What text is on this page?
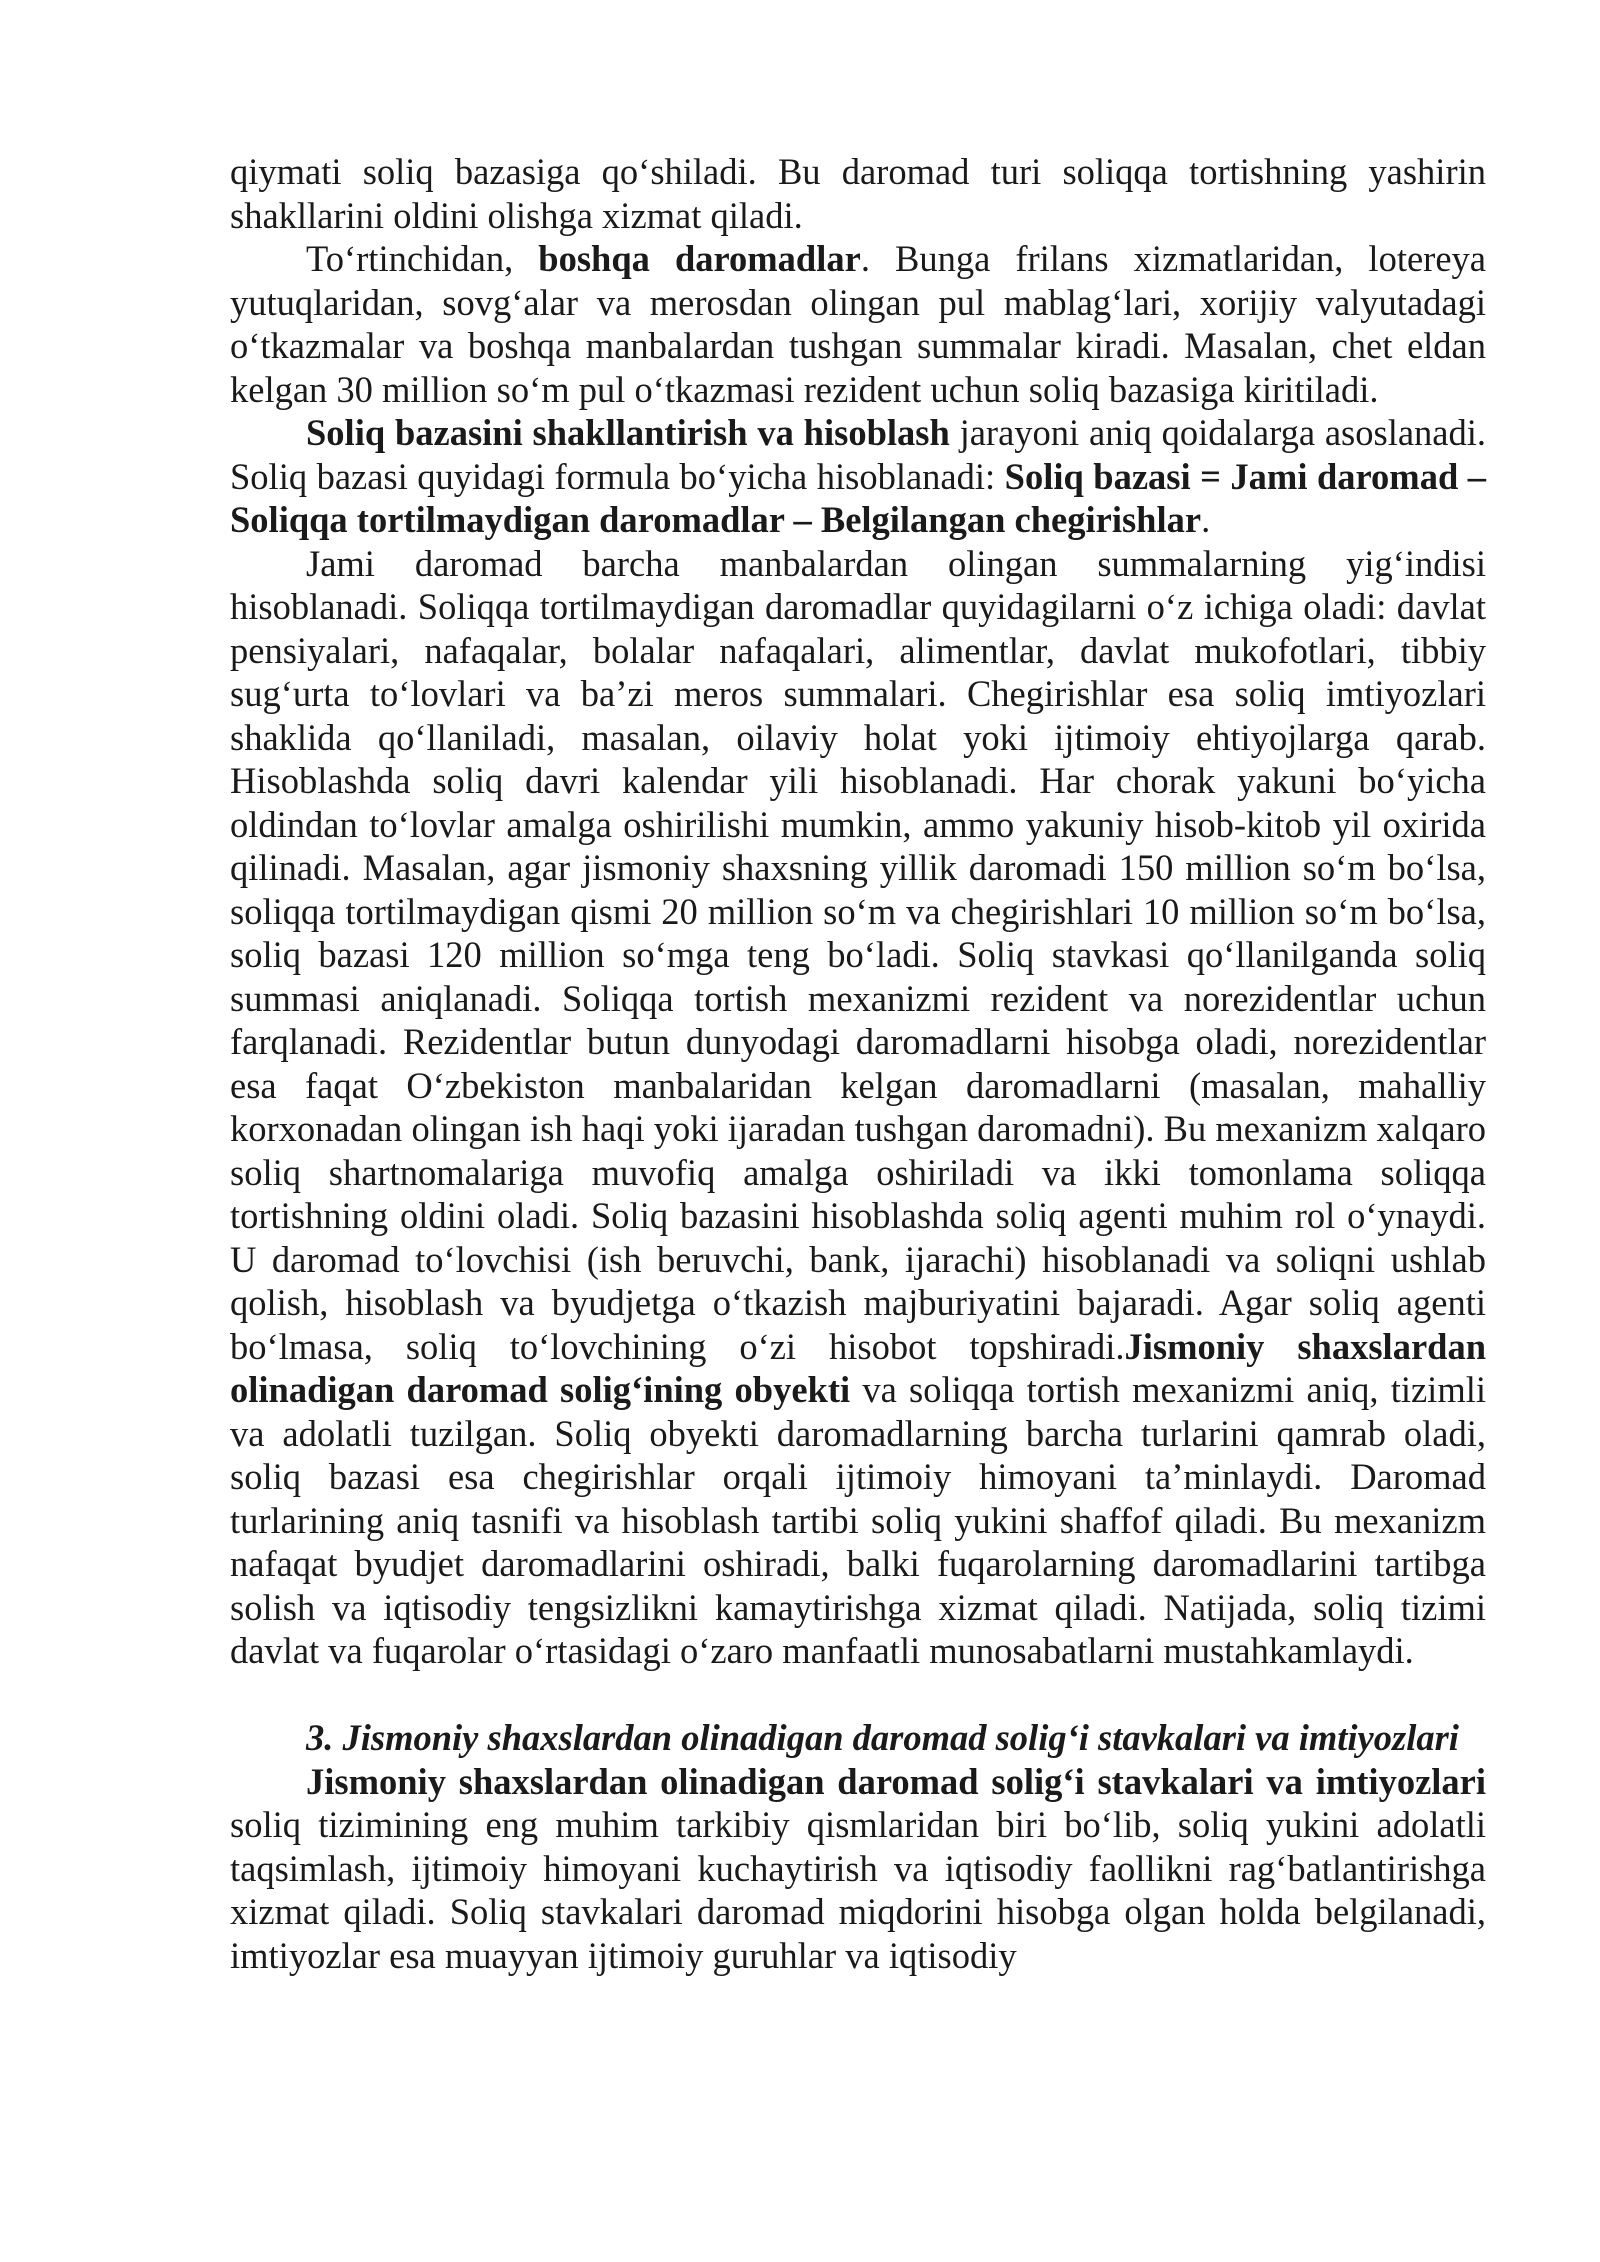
qiymati soliq bazasiga qo‘shiladi. Bu daromad turi soliqqa tortishning yashirin shakllarini oldini olishga xizmat qiladi.

To‘rtinchidan, boshqa daromadlar. Bunga frilans xizmatlaridan, lotereya yutuqlaridan, sovg‘alar va merosdan olingan pul mablag‘lari, xorijiy valyutadagi o‘tkazmalar va boshqa manbalardan tushgan summalar kiradi. Masalan, chet eldan kelgan 30 million so‘m pul o‘tkazmasi rezident uchun soliq bazasiga kiritiladi.

Soliq bazasini shakllantirish va hisoblash jarayoni aniq qoidalarga asoslanadi. Soliq bazasi quyidagi formula bo‘yicha hisoblanadi: Soliq bazasi = Jami daromad – Soliqqa tortilmaydigan daromadlar – Belgilangan chegirishlar.

Jami daromad barcha manbalardan olingan summalarning yig‘indisi hisoblanadi. Soliqqa tortilmaydigan daromadlar quyidagilarni o‘z ichiga oladi: davlat pensiyalari, nafaqalar, bolalar nafaqalari, alimentlar, davlat mukofotlari, tibbiy sug‘urta to‘lovlari va ba’zi meros summalari. Chegirishlar esa soliq imtiyozlari shaklida qo‘llaniladi, masalan, oilaviy holat yoki ijtimoiy ehtiyojlarga qarab. Hisoblashda soliq davri kalendar yili hisoblanadi. Har chorak yakuni bo‘yicha oldindan to‘lovlar amalga oshirilishi mumkin, ammo yakuniy hisob-kitob yil oxirida qilinadi. Masalan, agar jismoniy shaxsning yillik daromadi 150 million so‘m bo‘lsa, soliqqa tortilmaydigan qismi 20 million so‘m va chegirishlari 10 million so‘m bo‘lsa, soliq bazasi 120 million so‘mga teng bo‘ladi. Soliq stavkasi qo‘llanilganda soliq summasi aniqlanadi. Soliqqa tortish mexanizmi rezident va norezidentlar uchun farqlanadi. Rezidentlar butun dunyodagi daromadlarni hisobga oladi, norezidentlar esa faqat O‘zbekiston manbalaridan kelgan daromadlarni (masalan, mahalliy korxonadan olingan ish haqi yoki ijaradan tushgan daromadni). Bu mexanizm xalqaro soliq shartnomalariga muvofiq amalga oshiriladi va ikki tomonlama soliqqa tortishning oldini oladi. Soliq bazasini hisoblashda soliq agenti muhim rol o‘ynaydi. U daromad to‘lovchisi (ish beruvchi, bank, ijarachi) hisoblanadi va soliqni ushlab qolish, hisoblash va byudjetga o‘tkazish majburiyatini bajaradi. Agar soliq agenti bo‘lmasa, soliq to‘lovchining o‘zi hisobot topshiradi.Jismoniy shaxslardan olinadigan daromad solig‘ining obyekti va soliqqa tortish mexanizmi aniq, tizimli va adolatli tuzilgan. Soliq obyekti daromadlarning barcha turlarini qamrab oladi, soliq bazasi esa chegirishlar orqali ijtimoiy himoyani ta’minlaydi. Daromad turlarining aniq tasnifi va hisoblash tartibi soliq yukini shaffof qiladi. Bu mexanizm nafaqat byudjet daromadlarini oshiradi, balki fuqarolarning daromadlarini tartibga solish va iqtisodiy tengsizlikni kamaytirishga xizmat qiladi. Natijada, soliq tizimi davlat va fuqarolar o‘rtasidagi o‘zaro manfaatli munosabatlarni mustahkamlaydi.

3. Jismoniy shaxslardan olinadigan daromad solig‘i stavkalari va imtiyozlari

Jismoniy shaxslardan olinadigan daromad solig‘i stavkalari va imtiyozlari soliq tizimining eng muhim tarkibiy qismlaridan biri bo‘lib, soliq yukini adolatli taqsimlash, ijtimoiy himoyani kuchaytirish va iqtisodiy faollikni rag‘batlantirishga xizmat qiladi. Soliq stavkalari daromad miqdorini hisobga olgan holda belgilanadi, imtiyozlar esa muayyan ijtimoiy guruhlar va iqtisodiy
